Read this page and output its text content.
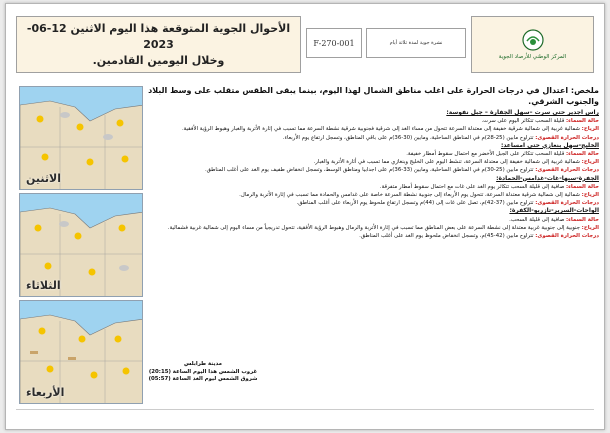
الأحوال الجوية المتوقعة هذا اليوم الاثنين 12-06-2023
وخلال اليومين القادمين.
F-270-001	نشرة جوية لمدة ثلاثة أيام
المركز الوطني للأرصاد الجوية
الاثنين
الثلاثاء
الأربعاء
ملخص: اعتدال في درجات الحرارة على اغلب مناطق الشمال لهذا اليوم، بينما يبقى الطقس متقلب على وسط البلاد والجنوب الشرقي.
راس اجدير حتى سرت –سهل الجفارة – جبل نفوسة:
حالة السماء: قليلة السحب تتكاثر اليوم على سرت.
الرياح: شمالية غربية إلى شمالية شرقية خفيفة إلى معتدلة السرعة تتحول من مساء الغد إلى شرقية فجنوبية شرقية نشطة السرعة مما تسبب في إثارة الأتربة والغبار وهبوط الرؤية الأفقية.
درجات الحرارة القصوى: تتراوح مابين (25-28)م في المناطق الساحلية، ومابين (30-36)م على باقي المناطق، وتسجل ارتفاع يوم الأربعاء.
الخليج-سهل بنغازي حتى امساعد:
حالة السماء: قليلة السحب تتكاثر على الجبل الأخضر مع احتمال سقوط أمطار خفيفة.
الرياح: شمالية غربية إلى شمالية خفيفة إلى معتدلة السرعة، تنشط اليوم على الخليج وبنغازي مما تسبب في أثارة الأتربة والغبار.
درجات الحرارة القصوى: تتراوح مابين (25-30)م في المناطق الساحلية، ومابين (33-36)م على اجدابيا ومناطق الوسط، وتسجل انخفاض طفيف يوم الغد على أغلب المناطق.
الجفرة-سبها-غات-غدامس-الحمادة:
حالة السماء: صافية إلى قليلة السحب تتكاثر يوم الغد على غات مع احتمال سقوط أمطار متفرقة.
الرياح: شمالية إلى شمالية شرقية معتدلة السرعة، تتحول يوم الأربعاء إلى جنوبية نشطة السرعة خاصة على غدامس والحمادة مما تسبب في إثارة الأتربة والرمال.
درجات الحرارة القصوى: تتراوح مابين (37-42)م، تصل على غات إلى (44)م وتسجل ارتفاع ملحوظ يوم الأربعاء على أغلب المناطق.
الواحات-السرير-تازربو-الكفرة:
حالة السماء: صافية إلى قليلة السحب.
الرياح: جنوبية إلى جنوبية غربية معتدلة إلى نشطة السرعة على بعض المناطق مما تسبب في إثارة الأتربة والرمال وهبوط الرؤية الأفقية، تتحول تدريجياً من مساء اليوم إلى شمالية غربية فشمالية.
درجات الحرارة القصوى: تتراوح مابين (42-45)م، وتسجل انخفاض ملحوظ يوم الغد على أغلب المناطق.
مدينة طرابلس
غروب الشمس هذا اليوم الساعة (20:15)
شروق الشمس ليوم الغد الساعة (05:57)
